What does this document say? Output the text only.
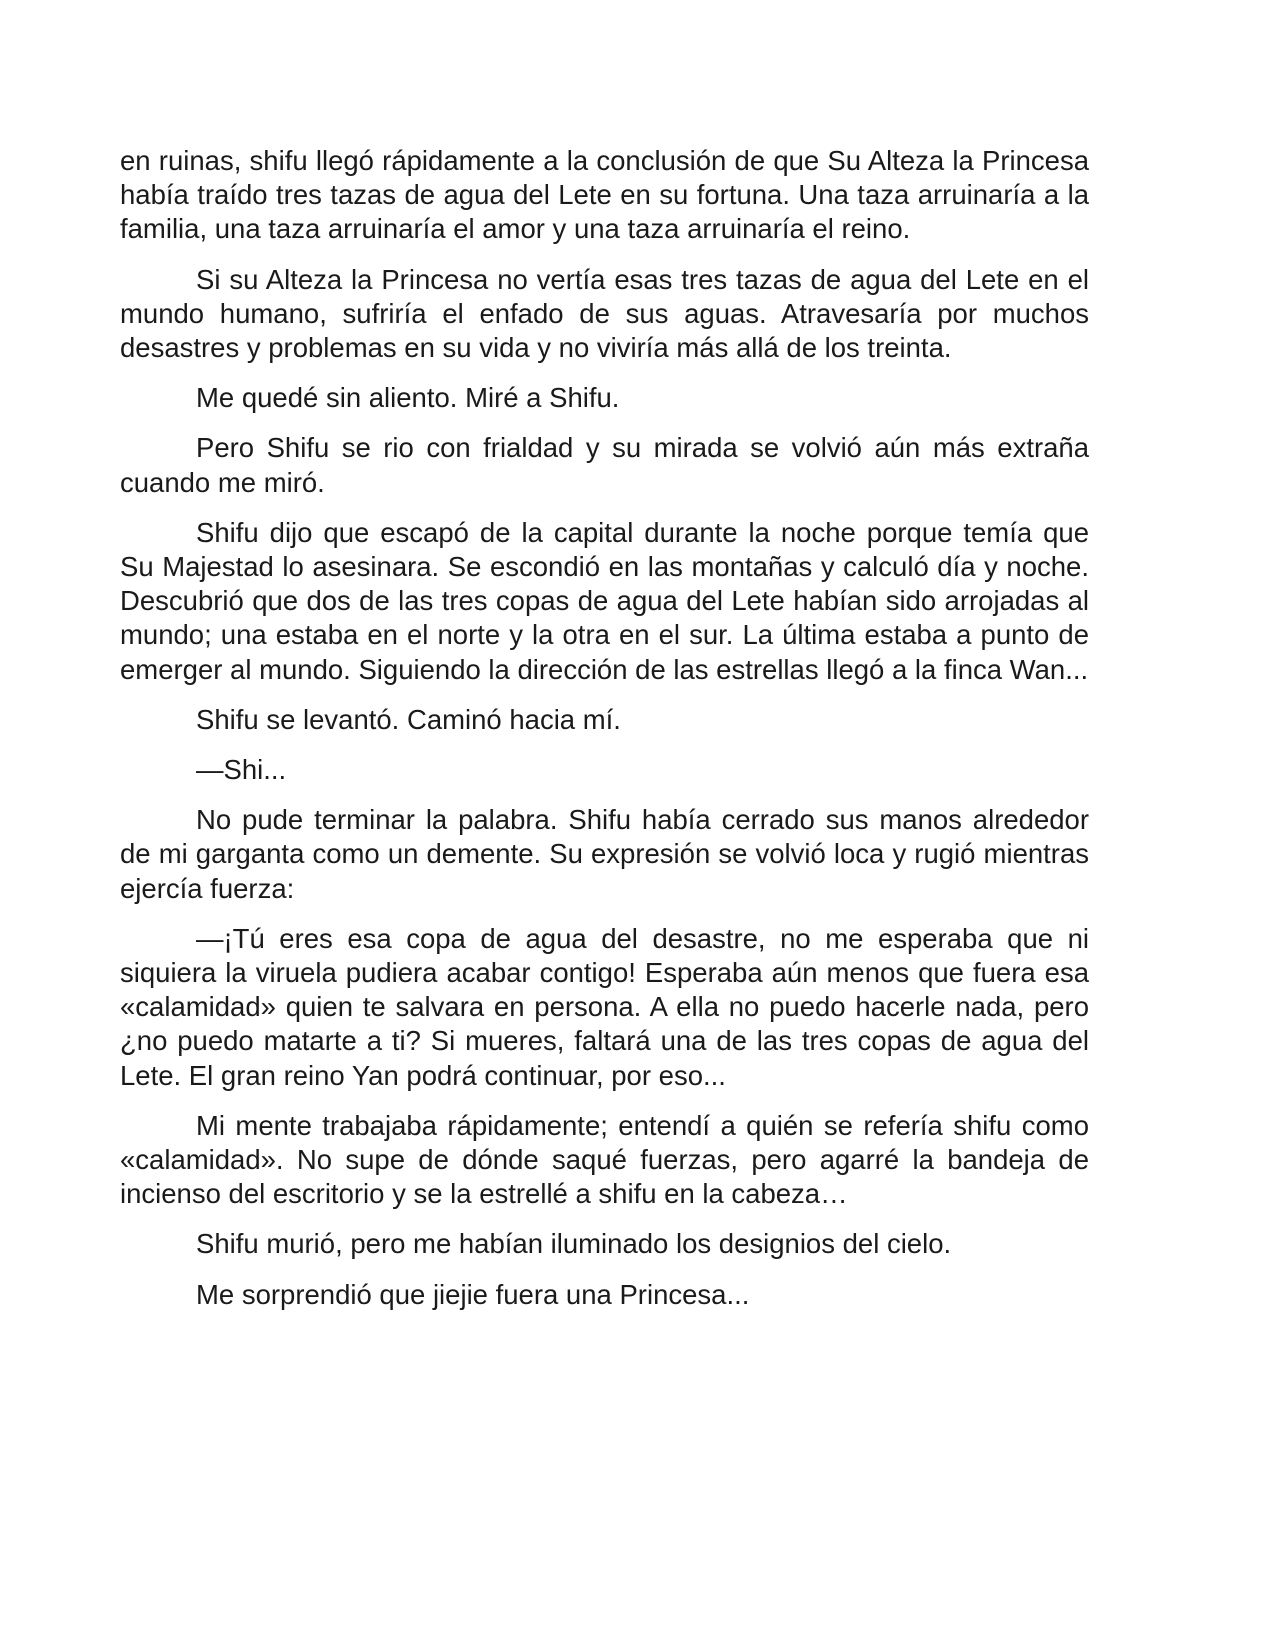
en ruinas, shifu llegó rápidamente a la conclusión de que Su Alteza la Princesa había traído tres tazas de agua del Lete en su fortuna. Una taza arruinaría a la familia, una taza arruinaría el amor y una taza arruinaría el reino.

Si su Alteza la Princesa no vertía esas tres tazas de agua del Lete en el mundo humano, sufriría el enfado de sus aguas. Atravesaría por muchos desastres y problemas en su vida y no viviría más allá de los treinta.

Me quedé sin aliento. Miré a Shifu.

Pero Shifu se rio con frialdad y su mirada se volvió aún más extraña cuando me miró.

Shifu dijo que escapó de la capital durante la noche porque temía que Su Majestad lo asesinara. Se escondió en las montañas y calculó día y noche. Descubrió que dos de las tres copas de agua del Lete habían sido arrojadas al mundo; una estaba en el norte y la otra en el sur. La última estaba a punto de emerger al mundo. Siguiendo la dirección de las estrellas llegó a la finca Wan...

Shifu se levantó. Caminó hacia mí.

—Shi...

No pude terminar la palabra. Shifu había cerrado sus manos alrededor de mi garganta como un demente. Su expresión se volvió loca y rugió mientras ejercía fuerza:

—¡Tú eres esa copa de agua del desastre, no me esperaba que ni siquiera la viruela pudiera acabar contigo! Esperaba aún menos que fuera esa «calamidad» quien te salvara en persona. A ella no puedo hacerle nada, pero ¿no puedo matarte a ti? Si mueres, faltará una de las tres copas de agua del Lete. El gran reino Yan podrá continuar, por eso...

Mi mente trabajaba rápidamente; entendí a quién se refería shifu como «calamidad». No supe de dónde saqué fuerzas, pero agarré la bandeja de incienso del escritorio y se la estrellé a shifu en la cabeza…

Shifu murió, pero me habían iluminado los designios del cielo.

Me sorprendió que jiejie fuera una Princesa...
